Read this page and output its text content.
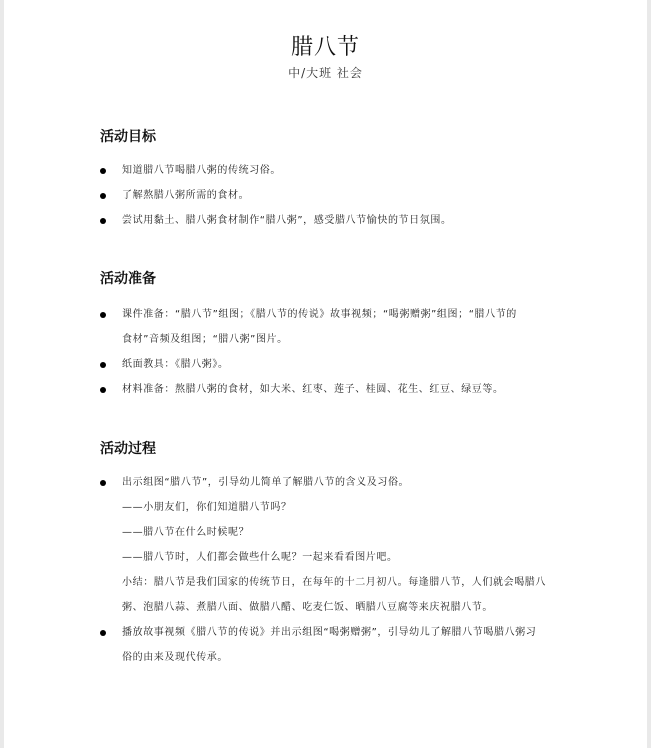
腊八节
中/大班 社会
活动目标
知道腊八节喝腊八粥的传统习俗。
了解熬腊八粥所需的食材。
尝试用黏土、腊八粥食材制作“腊八粥”，感受腊八节愉快的节日氛围。
活动准备
课件准备：“腊八节”组图；《腊八节的传说》故事视频；“喝粥赠粥”组图；“腊八节的
食材”音频及组图；“腊八粥”图片。
纸面教具：《腊八粥》。
材料准备：熬腊八粥的食材，如大米、红枣、莲子、桂圆、花生、红豆、绿豆等。
活动过程
出示组图“腊八节”，引导幼儿简单了解腊八节的含义及习俗。
——小朋友们，你们知道腊八节吗？
——腊八节在什么时候呢？
——腊八节时，人们都会做些什么呢？一起来看看图片吧。
小结：腊八节是我们国家的传统节日，在每年的十二月初八。每逢腊八节，人们就会喝腊八
粥、泡腊八蒜、煮腊八面、做腊八醋、吃麦仁饭、晒腊八豆腐等来庆祝腊八节。
播放故事视频《腊八节的传说》并出示组图“喝粥赠粥”，引导幼儿了解腊八节喝腊八粥习
俗的由来及现代传承。
